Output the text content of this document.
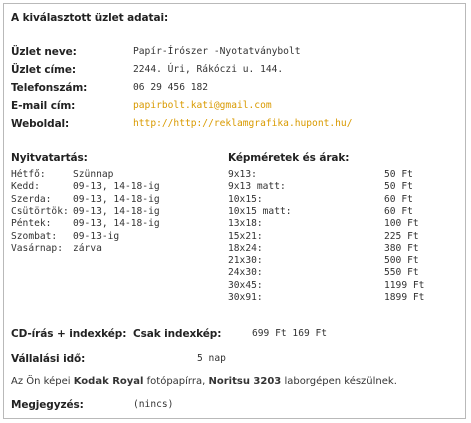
A kiválasztott üzlet adatai:
Üzlet neve:	Papír-Írószer -Nyotatványbolt
Üzlet címe:	2244. Úri, Rákóczi u. 144.
Telefonszám:	06 29 456 182
E-mail cím:	papirbolt.kati@gmail.com
Weboldal:	http://http://reklamgrafika.hupont.hu/
Nyitvatartás:
Hétfő:	Szünnap
Kedd:	09-13, 14-18-ig
Szerda: 09-13, 14-18-ig
Csütörtök: 09-13, 14-18-ig
Péntek: 09-13, 14-18-ig
Szombat: 09-13-ig
Vasárnap: zárva
Képméretek és árak:
9x13:	50 Ft
9x13 matt:	50 Ft
10x15:	60 Ft
10x15 matt:	60 Ft
13x18:	100 Ft
15x21:	225 Ft
18x24:	380 Ft
21x30:	500 Ft
24x30:	550 Ft
30x45:	1199 Ft
30x91:	1899 Ft
CD-írás + indexkép: Csak indexkép:	699 Ft 169 Ft
Vállalási idő:	5 nap
Az Ön képei Kodak Royal fotópapírra, Noritsu 3203 laborgépen készülnek.
Megjegyzés:	(nincs)
